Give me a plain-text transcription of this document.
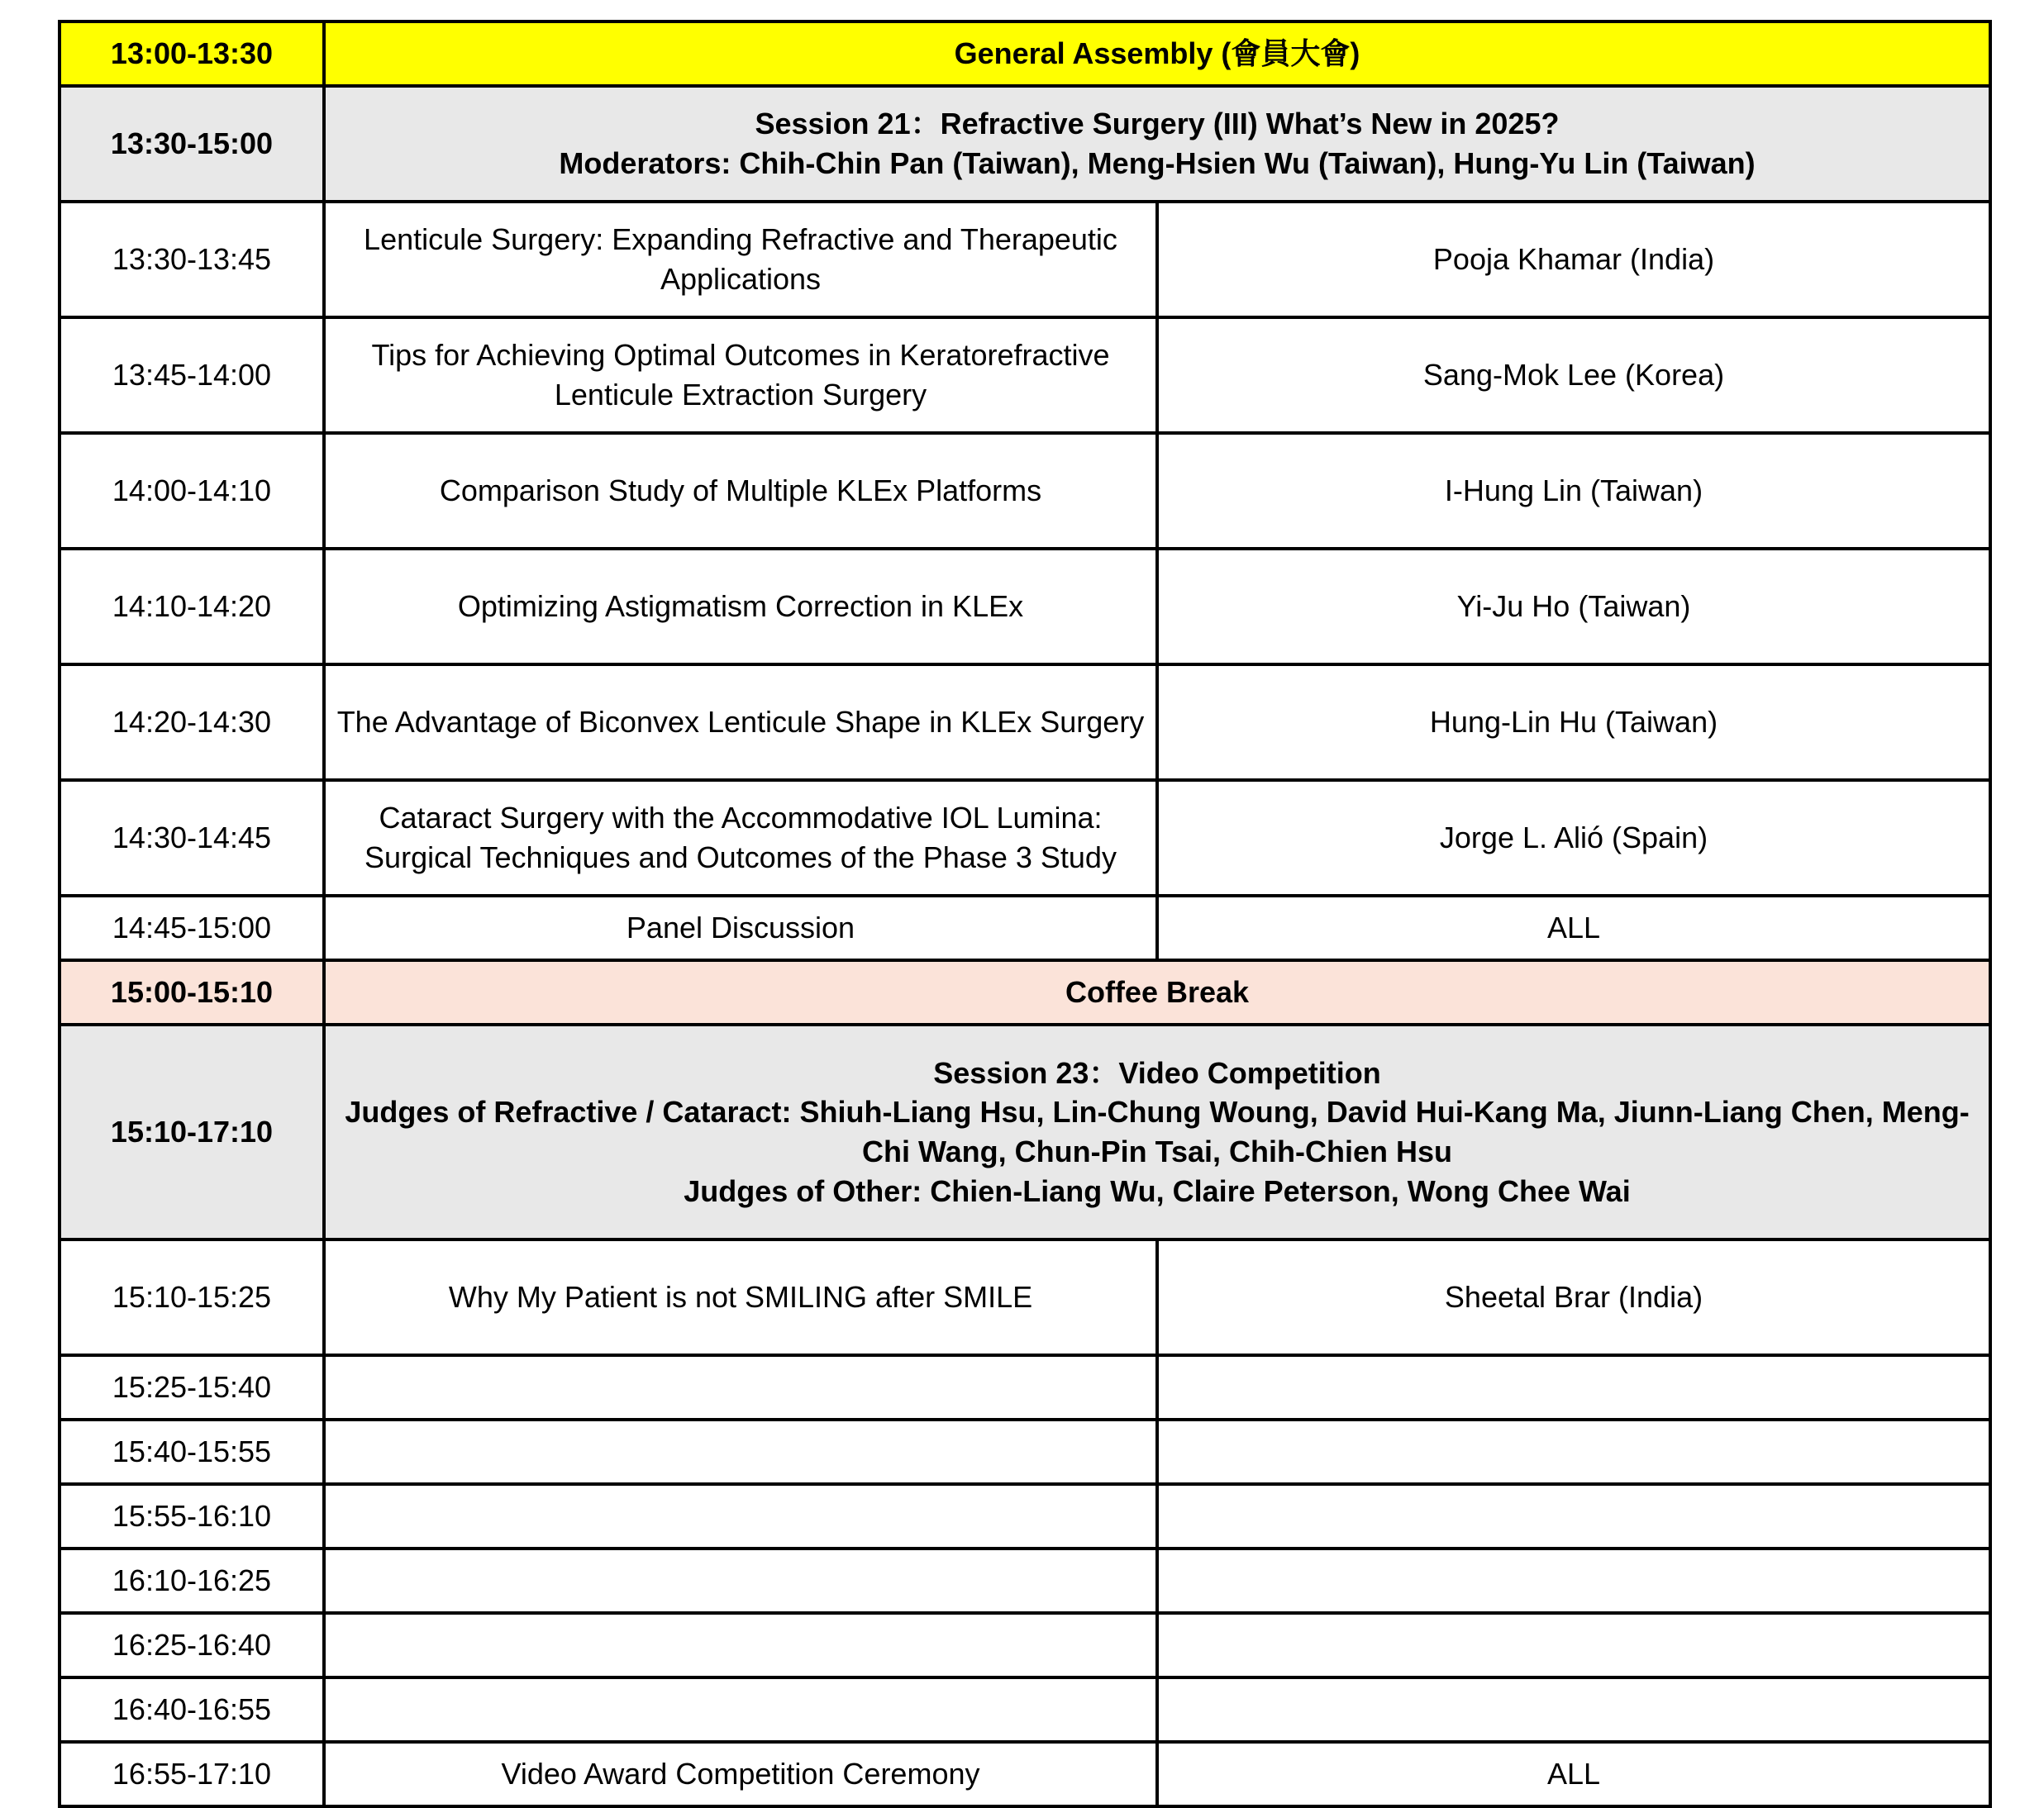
13:00-13:30	General Assembly (會員大會)	

13:30-15:00	Session 21：Refractive Surgery (III) What’s New in 2025?
Moderators: Chih-Chin Pan (Taiwan), Meng-Hsien Wu (Taiwan), Hung-Yu Lin (Taiwan)	

13:30-13:45	Lenticule Surgery: Expanding Refractive and Therapeutic Applications	Pooja Khamar (India)
13:45-14:00	Tips for Achieving Optimal Outcomes in Keratorefractive Lenticule Extraction Surgery	Sang-Mok Lee (Korea)
14:00-14:10	Comparison Study of Multiple KLEx Platforms	I-Hung Lin (Taiwan)
14:10-14:20	Optimizing Astigmatism Correction in KLEx	Yi-Ju Ho (Taiwan)
14:20-14:30	The Advantage of Biconvex Lenticule Shape in KLEx Surgery	Hung-Lin Hu (Taiwan)
14:30-14:45	Cataract Surgery with the Accommodative IOL Lumina: Surgical Techniques and Outcomes of the Phase 3 Study	Jorge L. Alió (Spain)
14:45-15:00	Panel Discussion	ALL
15:00-15:10	Coffee Break	

15:10-17:10	Session 23：Video Competition
Judges of Refractive / Cataract: Shiuh-Liang Hsu, Lin-Chung Woung, David Hui-Kang Ma, Jiunn-Liang Chen, Meng-Chi Wang, Chun-Pin Tsai, Chih-Chien Hsu
Judges of Other: Chien-Liang Wu, Claire Peterson, Wong Chee Wai	

15:10-15:25	Why My Patient is not SMILING after SMILE	Sheetal Brar (India)
15:25-15:40		
15:40-15:55		
15:55-16:10		
16:10-16:25		
16:25-16:40		
16:40-16:55		
16:55-17:10	Video Award Competition Ceremony	ALL
